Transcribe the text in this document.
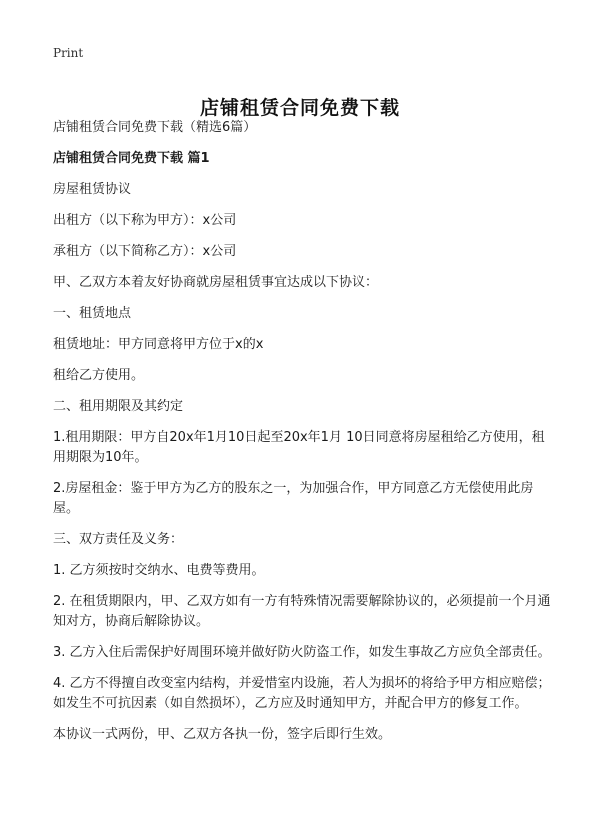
Print
店铺租赁合同免费下载

店铺租赁合同免费下载（精选6篇）

店铺租赁合同免费下载 篇1

房屋租赁协议

出租方（以下称为甲方）：x公司

承租方（以下简称乙方）：x公司

甲、乙双方本着友好协商就房屋租赁事宜达成以下协议：

一、租赁地点

租赁地址：甲方同意将甲方位于x的x

租给乙方使用。

二、租用期限及其约定

1.租用期限：甲方自20x年1月10日起至20x年1月 10日同意将房屋租给乙方使用，租用期限为10年。

2.房屋租金：鉴于甲方为乙方的股东之一，为加强合作，甲方同意乙方无偿使用此房屋。

三、双方责任及义务：

1. 乙方须按时交纳水、电费等费用。

2. 在租赁期限内，甲、乙双方如有一方有特殊情况需要解除协议的，必须提前一个月通知对方，协商后解除协议。

3. 乙方入住后需保护好周围环境并做好防火防盗工作，如发生事故乙方应负全部责任。

4. 乙方不得擅自改变室内结构，并爱惜室内设施，若人为损坏的将给予甲方相应赔偿；如发生不可抗因素（如自然损坏），乙方应及时通知甲方，并配合甲方的修复工作。

本协议一式两份，甲、乙双方各执一份，签字后即行生效。
